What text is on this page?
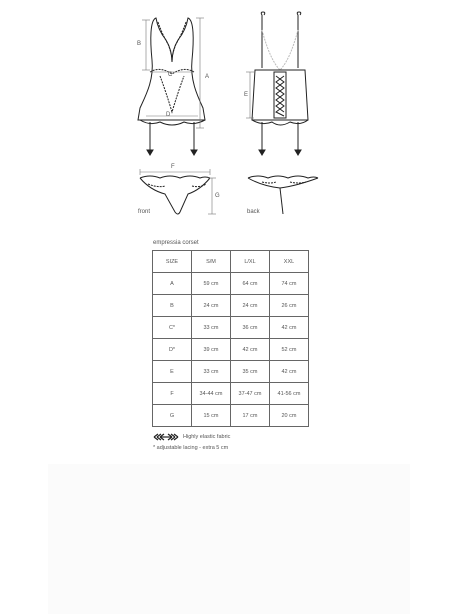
B
A
C
D
E
F
G
front	back
empressia corset
SIZE	S/M	L/XL	XXL
A	59 cm	64 cm	74 cm
B	24 cm	24 cm	26 cm
C*	33 cm	36 cm	42 cm
D*	39 cm	42 cm	52 cm
E	33 cm	35 cm	42 cm
F	34-44 cm	37-47 cm	41-56 cm
G	15 cm	17 cm	20 cm
Highly elastic fabric
* adjustable lacing - extra 5 cm
